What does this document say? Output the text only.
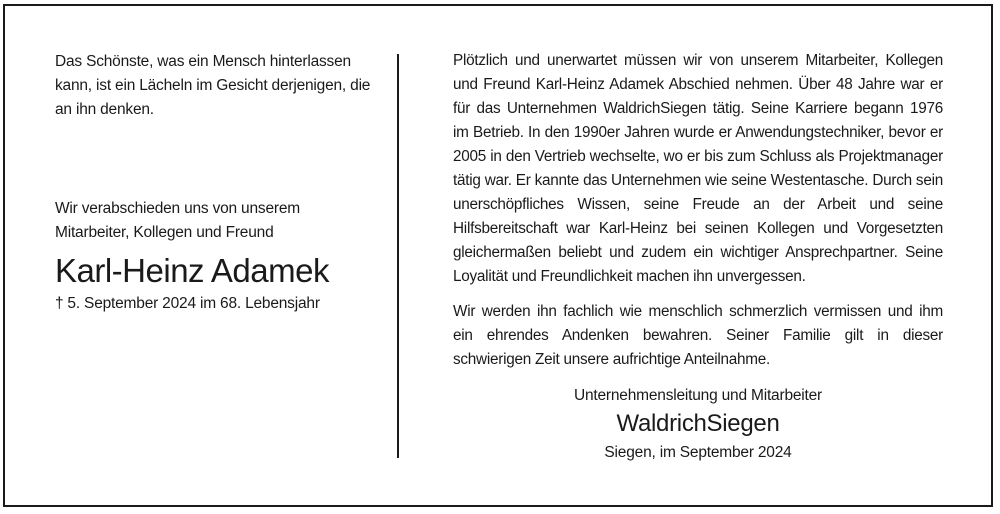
Das Schönste, was ein Mensch hinterlassen kann, ist ein Lächeln im Gesicht derjenigen, die an ihn denken.
Wir verabschieden uns von unserem Mitarbeiter, Kollegen und Freund
Karl-Heinz Adamek
† 5. September 2024 im 68. Lebensjahr

Plötzlich und unerwartet müssen wir von unserem Mitarbeiter, Kollegen und Freund Karl-Heinz Adamek Abschied nehmen. Über 48 Jahre war er für das Unternehmen WaldrichSiegen tätig. Seine Karriere begann 1976 im Betrieb. In den 1990er Jahren wurde er Anwendungstechniker, bevor er 2005 in den Vertrieb wechselte, wo er bis zum Schluss als Projektmanager tätig war. Er kannte das Unternehmen wie seine Westentasche. Durch sein unerschöpfliches Wissen, seine Freude an der Arbeit und seine Hilfsbereitschaft war Karl-Heinz bei seinen Kollegen und Vorgesetzten gleichermaßen beliebt und zudem ein wichtiger Ansprechpartner. Seine Loyalität und Freundlichkeit machen ihn unvergessen.

Wir werden ihn fachlich wie menschlich schmerzlich vermissen und ihm ein ehrendes Andenken bewahren. Seiner Familie gilt in dieser schwierigen Zeit unsere aufrichtige Anteilnahme.

Unternehmensleitung und Mitarbeiter
WaldrichSiegen
Siegen, im September 2024
